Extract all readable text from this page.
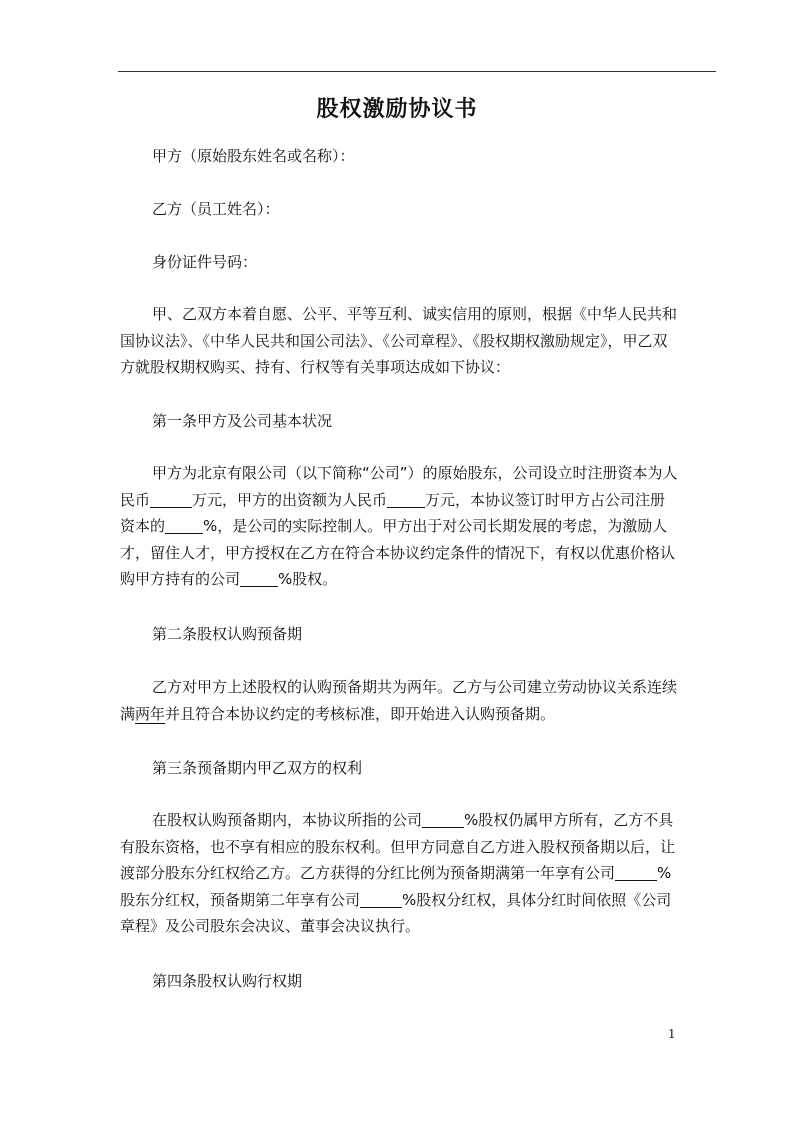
股权激励协议书
甲方（原始股东姓名或名称）：
乙方（员工姓名）：
身份证件号码：
甲、乙双方本着自愿、公平、平等互利、诚实信用的原则，根据《中华人民共和国协议法》、《中华人民共和国公司法》、《公司章程》、《股权期权激励规定》，甲乙双方就股权期权购买、持有、行权等有关事项达成如下协议：
第一条甲方及公司基本状况
甲方为北京有限公司（以下简称“公司”）的原始股东，公司设立时注册资本为人民币	万元，甲方的出资额为人民币	万元，本协议签订时甲方占公司注册资本的	%，是公司的实际控制人。甲方出于对公司长期发展的考虑，为激励人才，留住人才，甲方授权在乙方在符合本协议约定条件的情况下，有权以优惠价格认购甲方持有的公司	%股权。
第二条股权认购预备期
乙方对甲方上述股权的认购预备期共为两年。乙方与公司建立劳动协议关系连续满两年并且符合本协议约定的考核标准，即开始进入认购预备期。
第三条预备期内甲乙双方的权利
在股权认购预备期内，本协议所指的公司	%股权仍属甲方所有，乙方不具有股东资格，也不享有相应的股东权利。但甲方同意自乙方进入股权预备期以后，让渡部分股东分红权给乙方。乙方获得的分红比例为预备期满第一年享有公司	%股东分红权，预备期第二年享有公司	%股权分红权，具体分红时间依照《公司章程》及公司股东会决议、董事会决议执行。
第四条股权认购行权期
1
